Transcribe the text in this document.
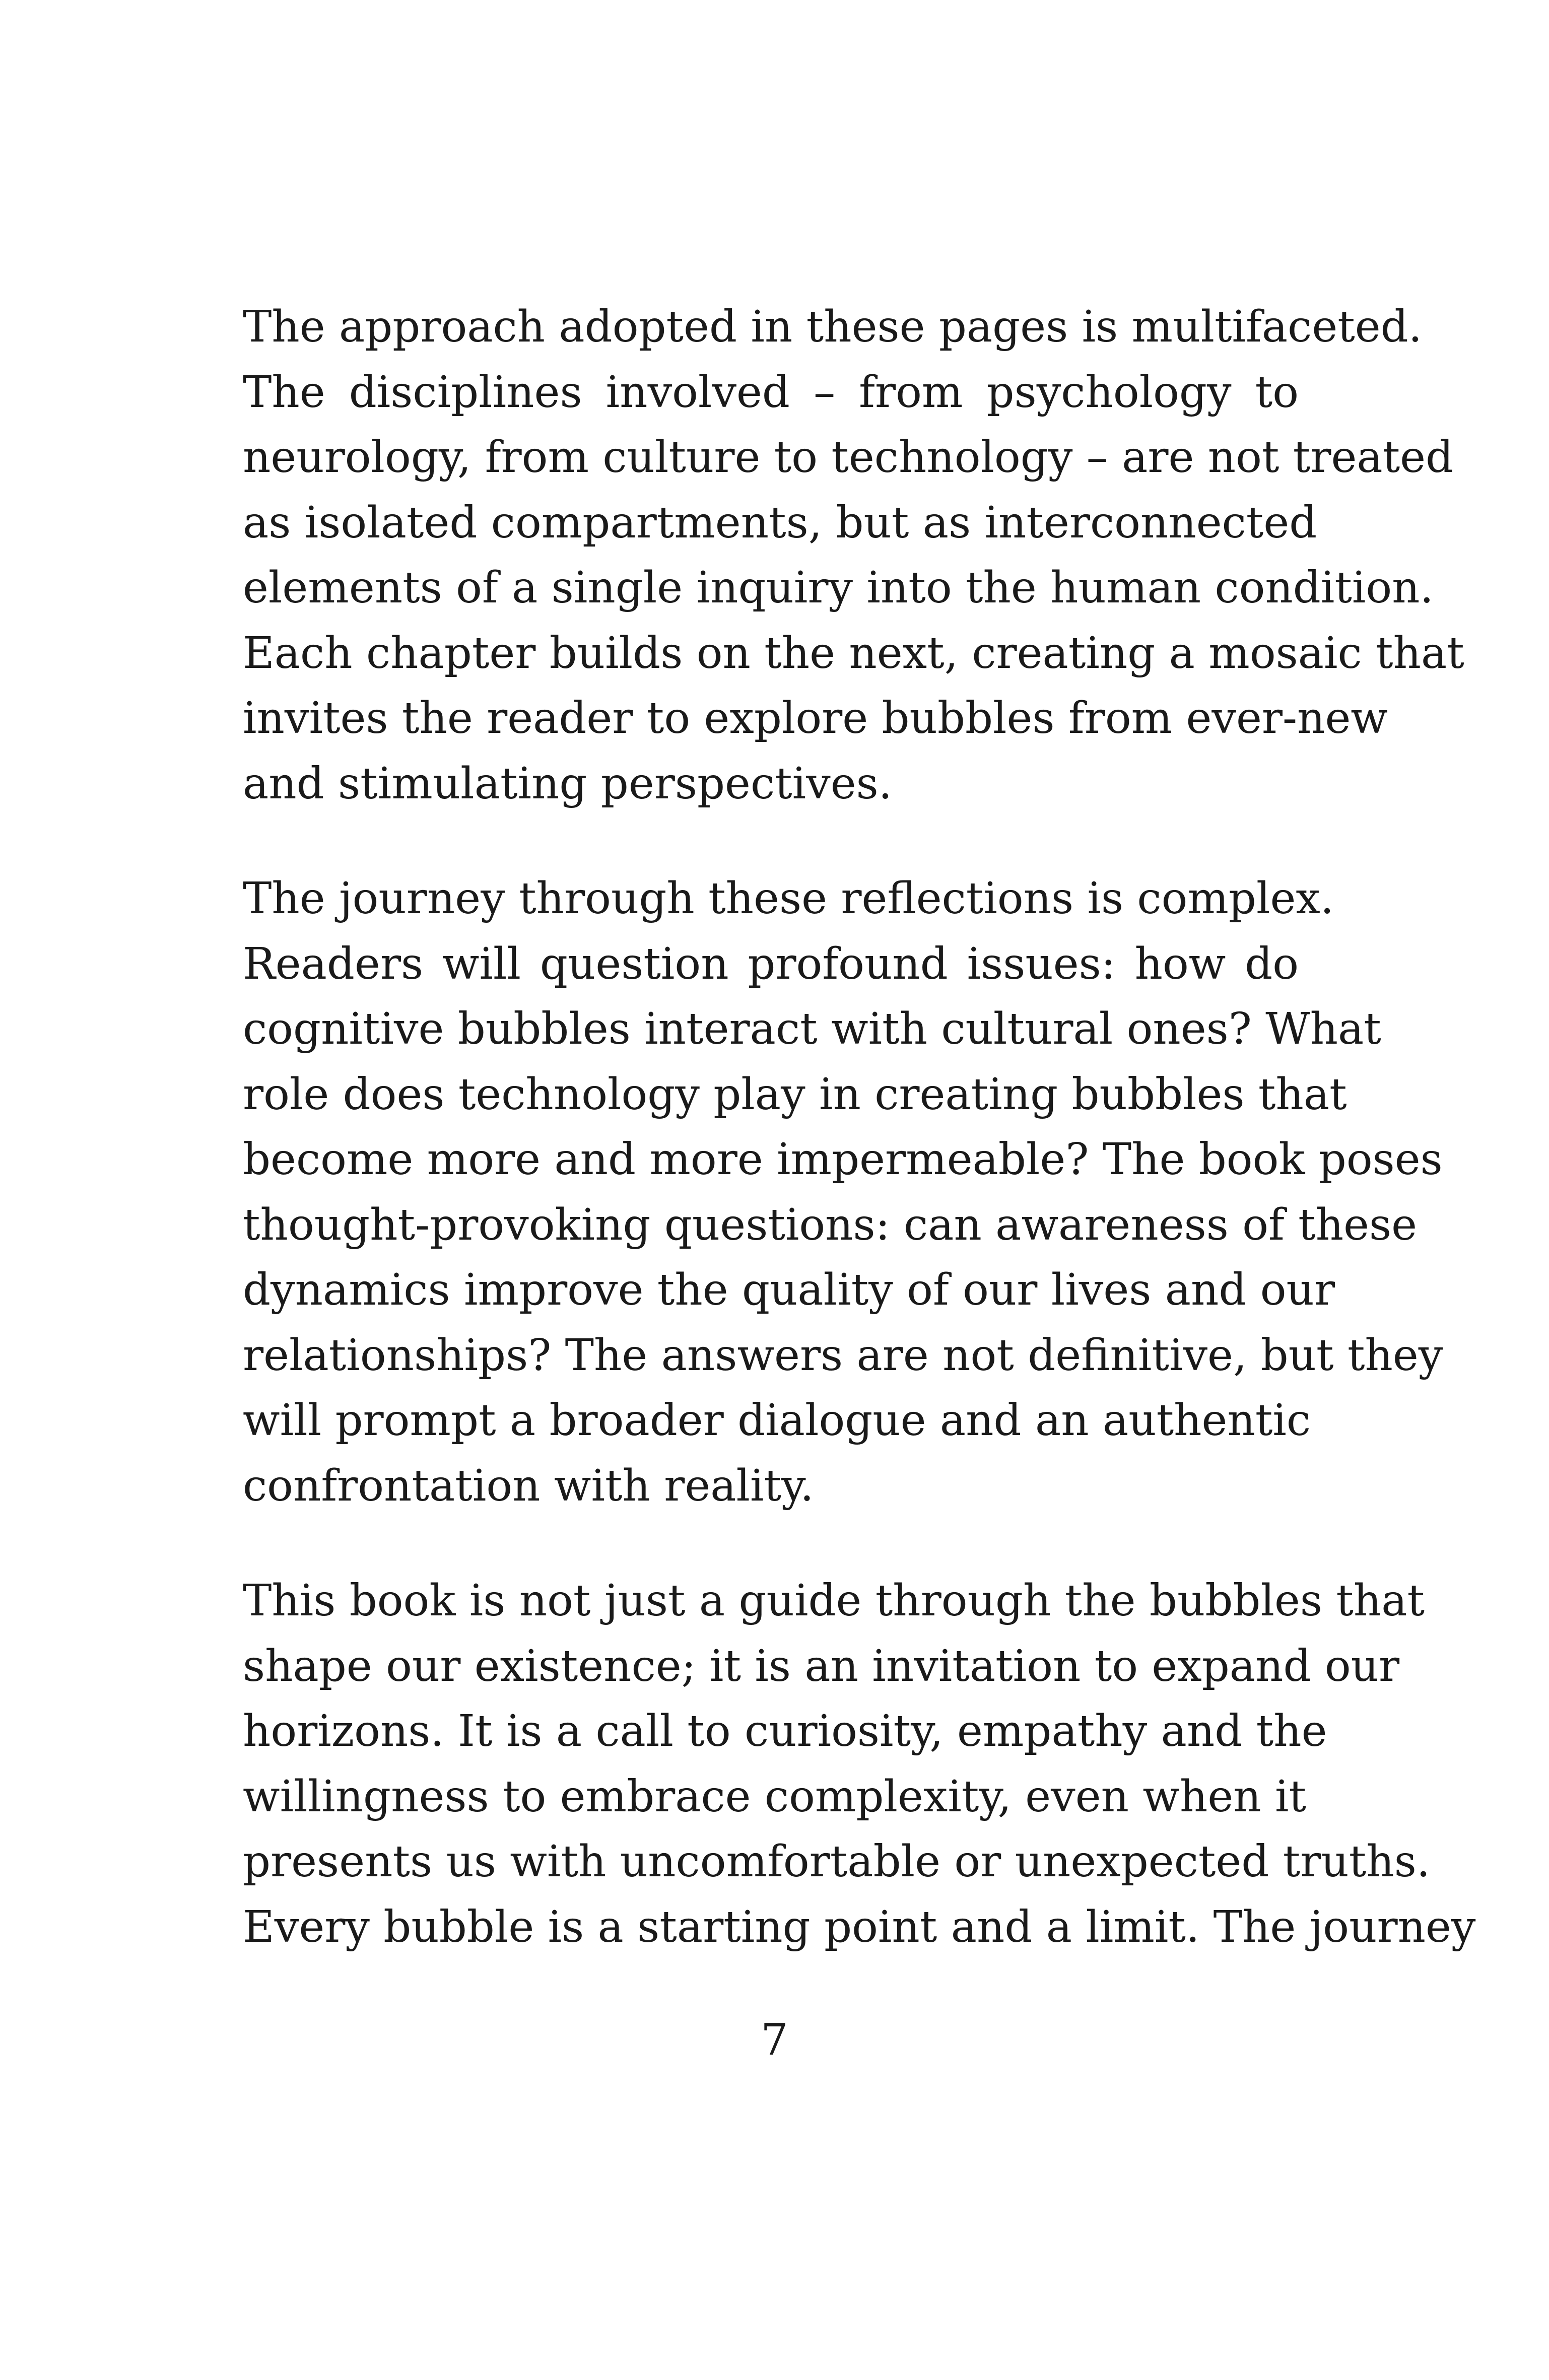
The approach adopted in these pages is multifaceted.
The disciplines involved – from psychology to
neurology, from culture to technology – are not treated
as isolated compartments, but as interconnected
elements of a single inquiry into the human condition.
Each chapter builds on the next, creating a mosaic that
invites the reader to explore bubbles from ever-new
and stimulating perspectives.

The journey through these reflections is complex.
Readers will question profound issues: how do
cognitive bubbles interact with cultural ones? What
role does technology play in creating bubbles that
become more and more impermeable? The book poses
thought-provoking questions: can awareness of these
dynamics improve the quality of our lives and our
relationships? The answers are not definitive, but they
will prompt a broader dialogue and an authentic
confrontation with reality.

This book is not just a guide through the bubbles that
shape our existence; it is an invitation to expand our
horizons. It is a call to curiosity, empathy and the
willingness to embrace complexity, even when it
presents us with uncomfortable or unexpected truths.
Every bubble is a starting point and a limit. The journey

7
